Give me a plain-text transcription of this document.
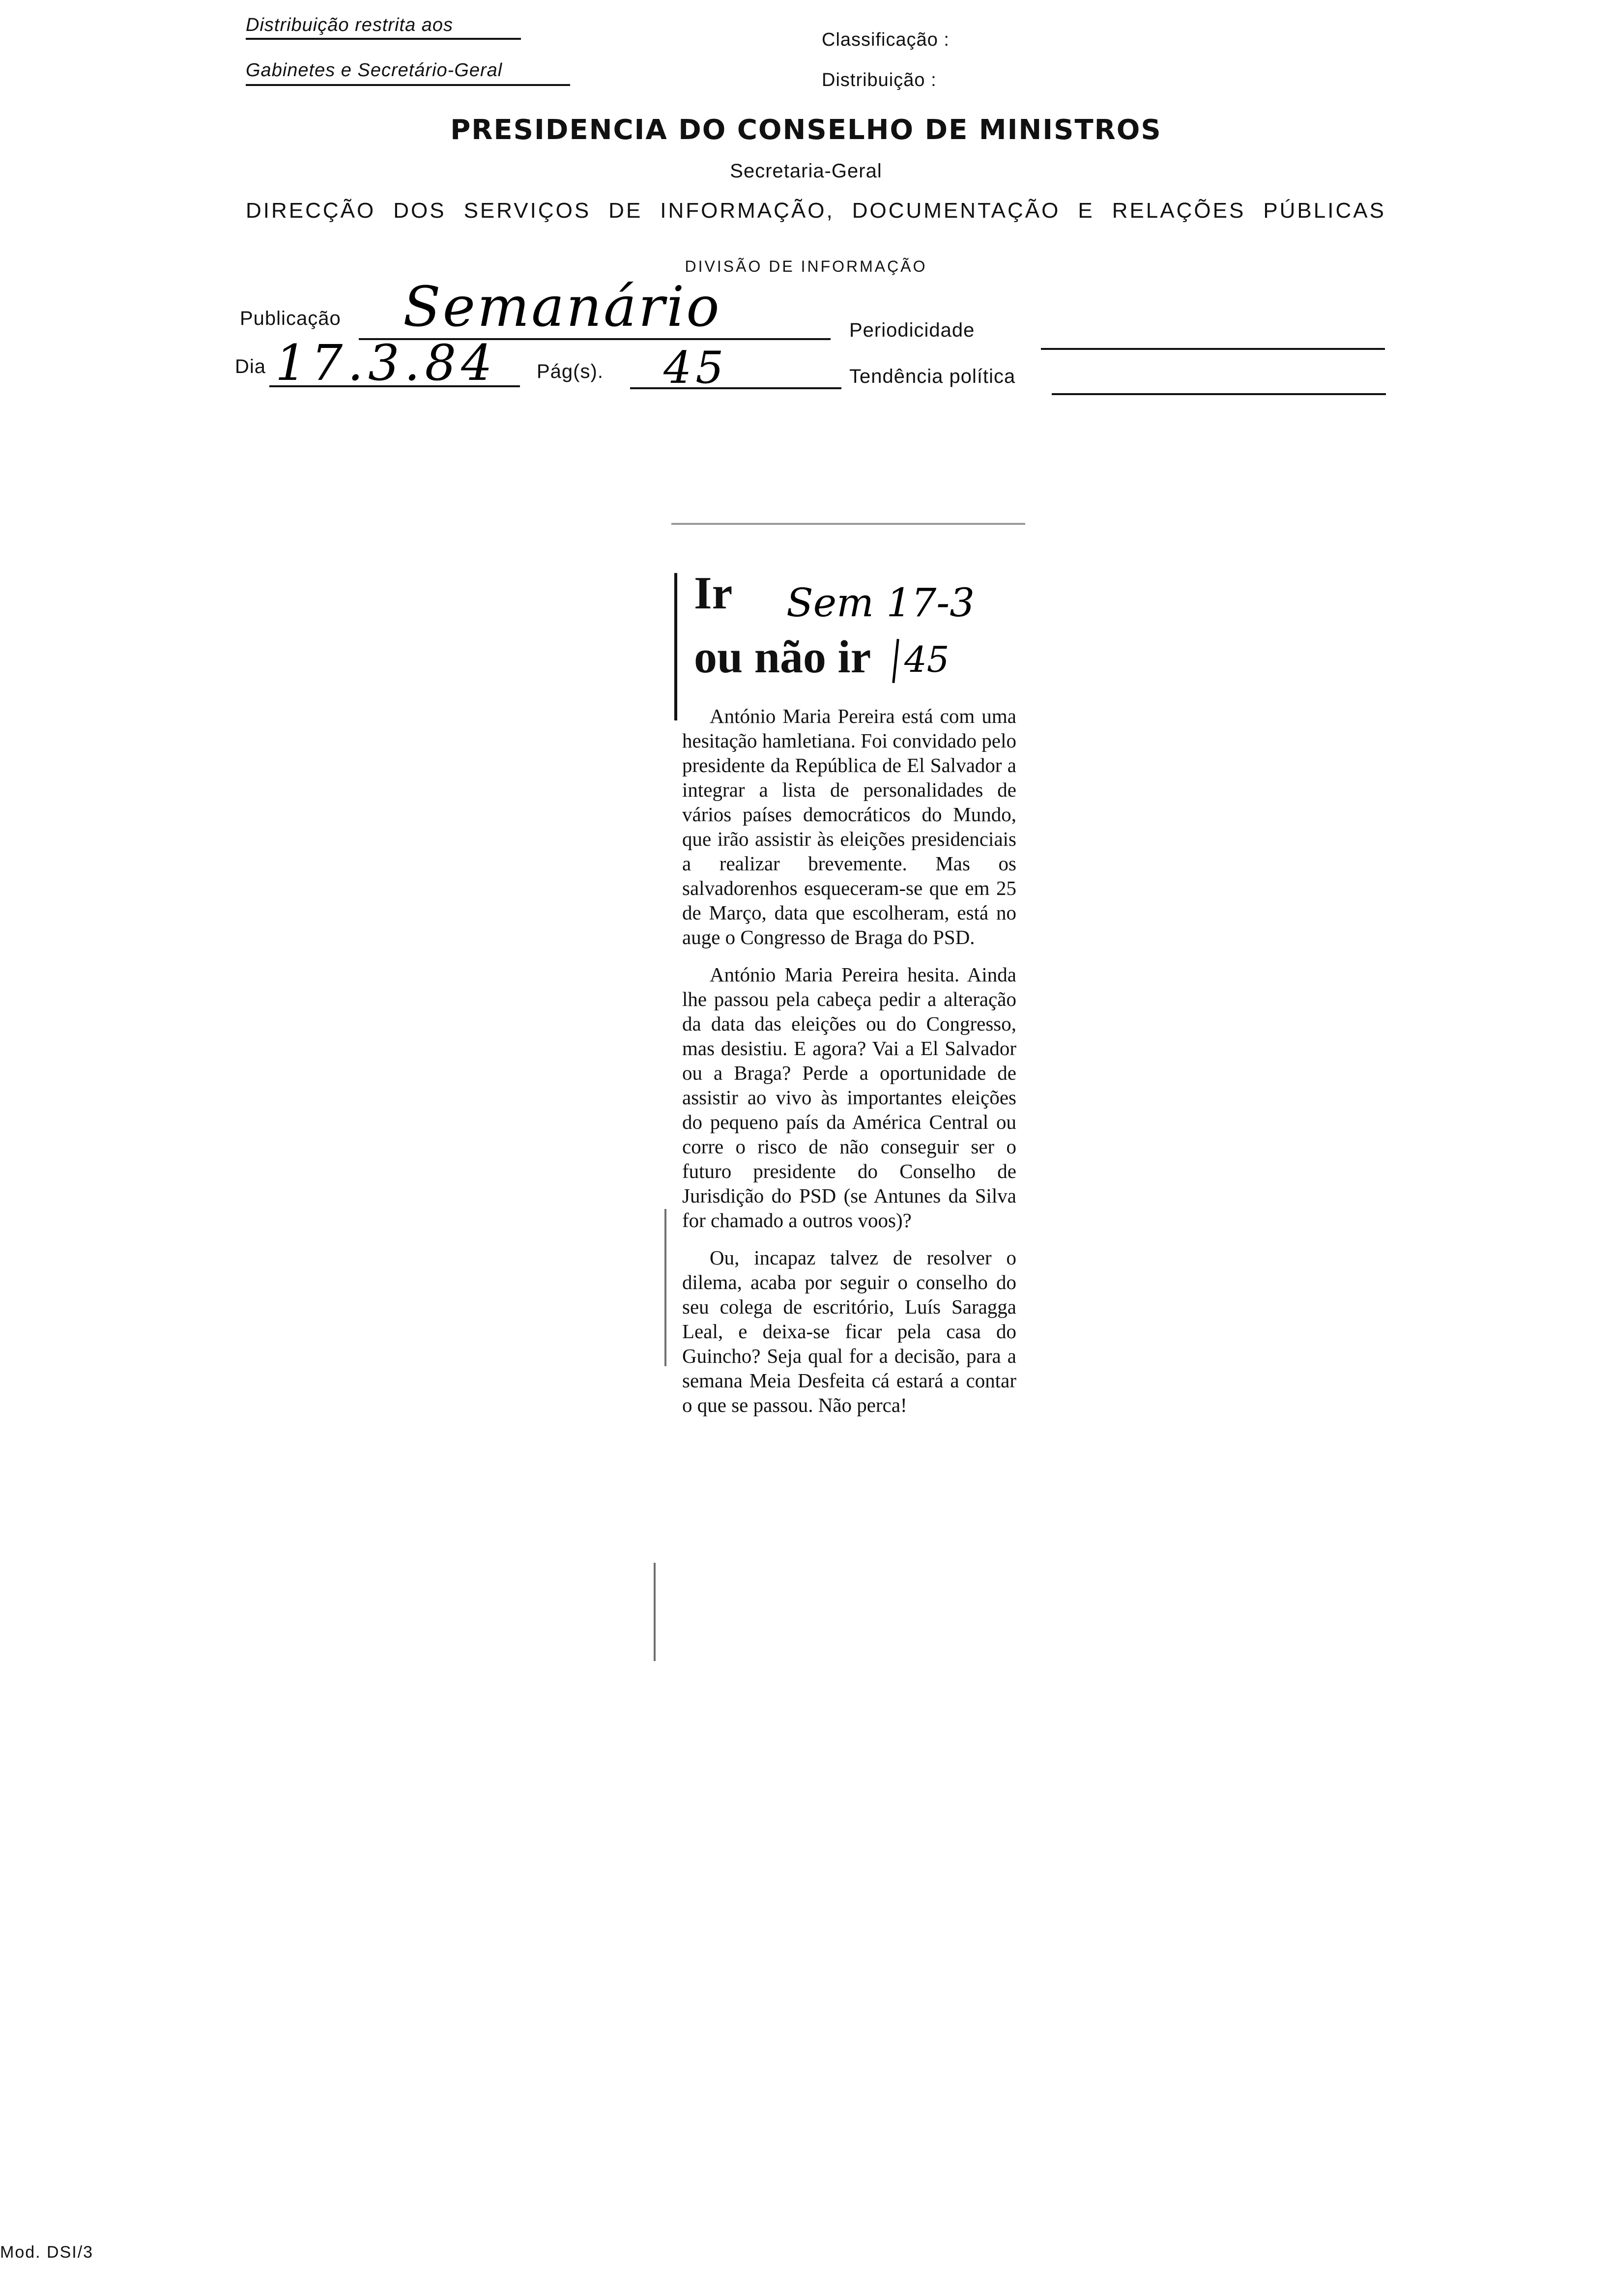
Distribuição restrita aos
Gabinetes e Secretário-Geral
Classificação :
Distribuição :
PRESIDENCIA DO CONSELHO DE MINISTROS
Secretaria-Geral
DIRECÇÃO DOS SERVIÇOS DE INFORMAÇÃO, DOCUMENTAÇÃO E RELAÇÕES PÚBLICAS
DIVISÃO DE INFORMAÇÃO
Publicação Semanário	Periodicidade
Dia 17.3.84 Pág(s). 45	Tendência política
Ir
ou não ir
Sem 17-3
45
António Maria Pereira está com uma hesitação hamletiana. Foi convidado pelo presidente da República de El Salvador a integrar a lista de personalidades de vários países democráticos do Mundo, que irão assistir às eleições presidenciais a realizar brevemente. Mas os salvadorenhos esqueceram-se que em 25 de Março, data que escolheram, está no auge o Congresso de Braga do PSD.
António Maria Pereira hesita. Ainda lhe passou pela cabeça pedir a alteração da data das eleições ou do Congresso, mas desistiu. E agora? Vai a El Salvador ou a Braga? Perde a oportunidade de assistir ao vivo às importantes eleições do pequeno país da América Central ou corre o risco de não conseguir ser o futuro presidente do Conselho de Jurisdição do PSD (se Antunes da Silva for chamado a outros voos)?
Ou, incapaz talvez de resolver o dilema, acaba por seguir o conselho do seu colega de escritório, Luís Saragga Leal, e deixa-se ficar pela casa do Guincho? Seja qual for a decisão, para a semana Meia Desfeita cá estará a contar o que se passou. Não perca!
Mod. DSI/3
